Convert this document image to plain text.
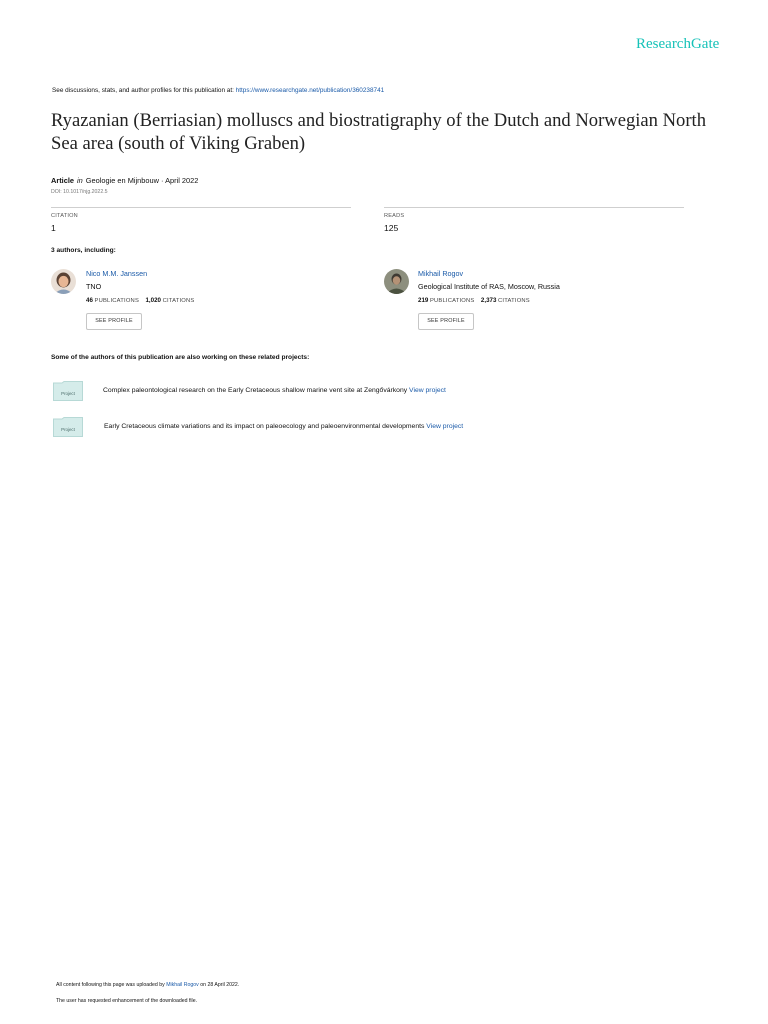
ResearchGate
See discussions, stats, and author profiles for this publication at: https://www.researchgate.net/publication/360238741
Ryazanian (Berriasian) molluscs and biostratigraphy of the Dutch and Norwegian North Sea area (south of Viking Graben)
Article in Geologie en Mijnbouw · April 2022
DOI: 10.1017/njg.2022.5
CITATION
1
READS
125
3 authors, including:
Nico M.M. Janssen
TNO
46 PUBLICATIONS 1,020 CITATIONS
SEE PROFILE
Mikhail Rogov
Geological Institute of RAS, Moscow, Russia
219 PUBLICATIONS 2,373 CITATIONS
SEE PROFILE
Some of the authors of this publication are also working on these related projects:
Project	Complex paleontological research on the Early Cretaceous shallow marine vent site at Zengővárkony View project
Project	Early Cretaceous climate variations and its impact on paleoecology and paleoenvironmental developments View project
All content following this page was uploaded by Mikhail Rogov on 28 April 2022.
The user has requested enhancement of the downloaded file.
